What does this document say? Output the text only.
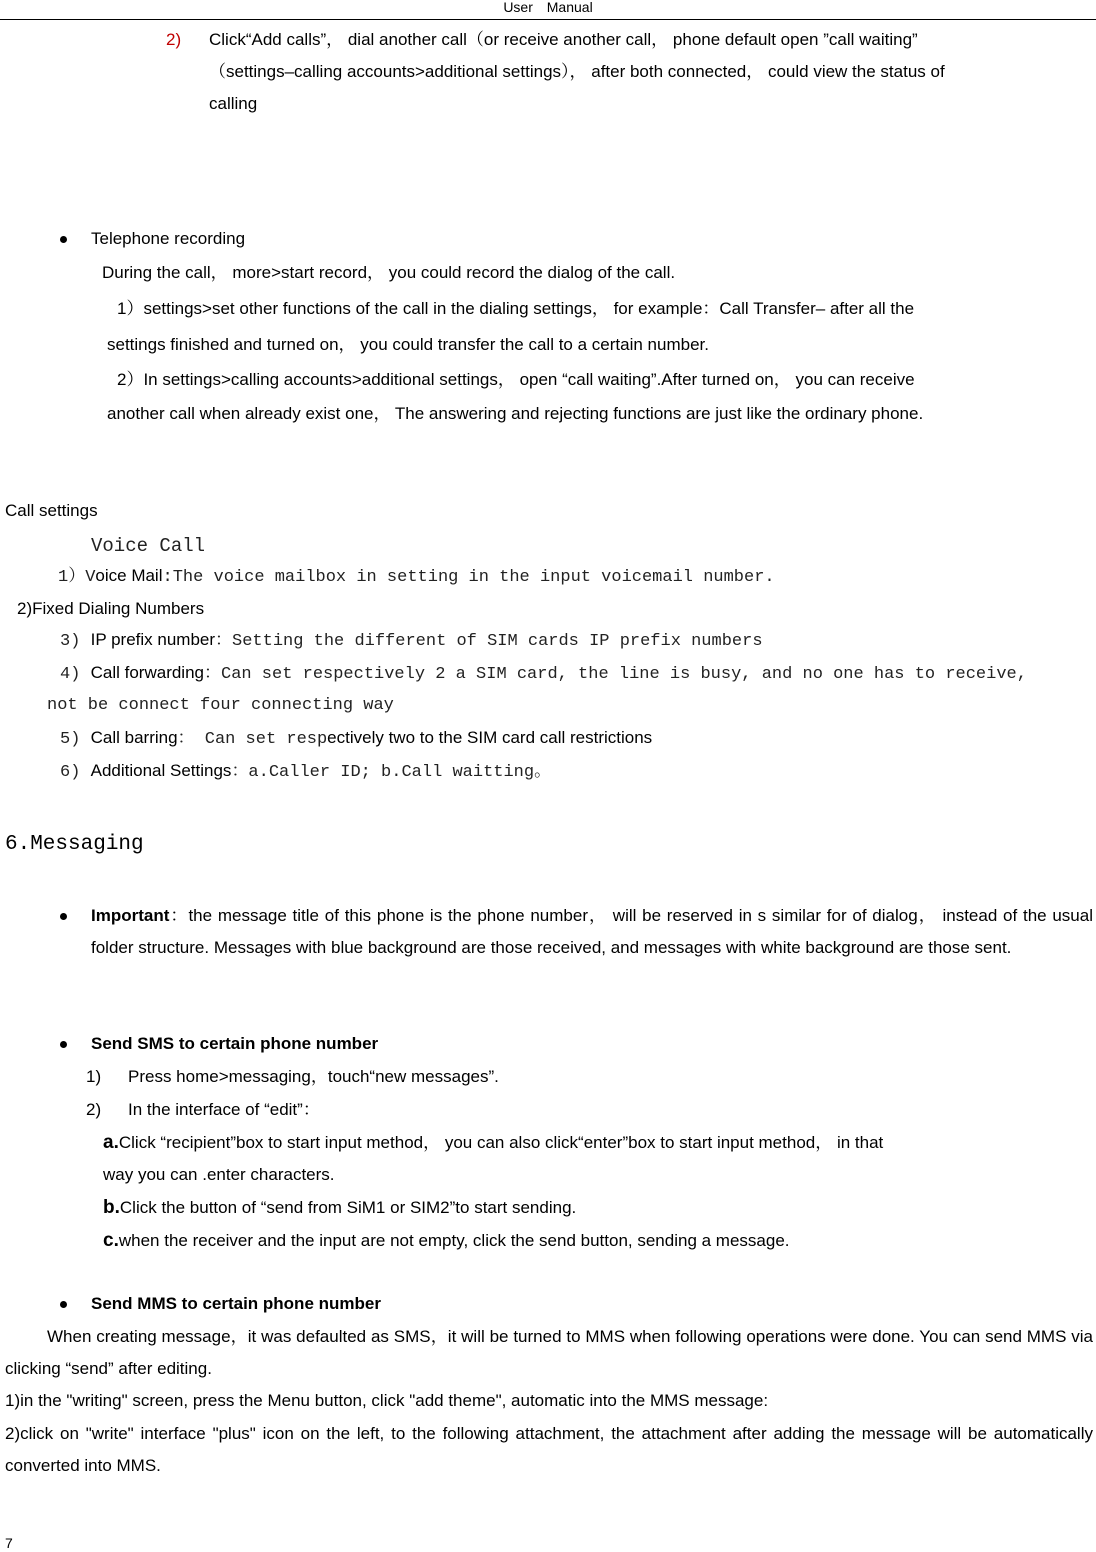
User Manual
2) Click“Add calls”， dial another call（or receive another call， phone default open ”call waiting”
（settings–calling accounts>additional settings）， after both connected， could view the status of
calling
Telephone recording
During the call， more>start record， you could record the dialog of the call.
1）settings>set other functions of the call in the dialing settings， for example：Call Transfer– after all the
settings finished and turned on， you could transfer the call to a certain number.
2）In settings>calling accounts>additional settings， open “call waiting”.After turned on， you can receive
another call when already exist one， The answering and rejecting functions are just like the ordinary phone.
Call settings
Voice Call
1）Voice Mail:The voice mailbox in setting in the input voicemail number.
2)Fixed Dialing Numbers
3) IP prefix number：Setting the different of SIM cards IP prefix numbers
4) Call forwarding：Can set respectively 2 a SIM card, the line is busy, and no one has to receive,
not be connect four connecting way
5) Call barring： Can set respectively two to the SIM card call restrictions
6) Additional Settings：a.Caller ID; b.Call waitting。
6.Messaging
Important：the message title of this phone is the phone number， will be reserved in s similar for of dialog， instead of the usual folder structure. Messages with blue background are those received, and messages with white background are those sent.
Send SMS to certain phone number
1) Press home>messaging，touch“new messages”.
2) In the interface of “edit”：
a.Click “recipient”box to start input method， you can also click“enter”box to start input method， in that
way you can .enter characters.
b.Click the button of “send from SiM1 or SIM2”to start sending.
c.when the receiver and the input are not empty, click the send button, sending a message.
Send MMS to certain phone number
When creating message，it was defaulted as SMS，it will be turned to MMS when following operations were done. You can send MMS via clicking “send” after editing.
1)in the "writing" screen, press the Menu button, click "add theme", automatic into the MMS message:
2)click on "write" interface "plus" icon on the left, to the following attachment, the attachment after adding the message will be automatically converted into MMS.
7
